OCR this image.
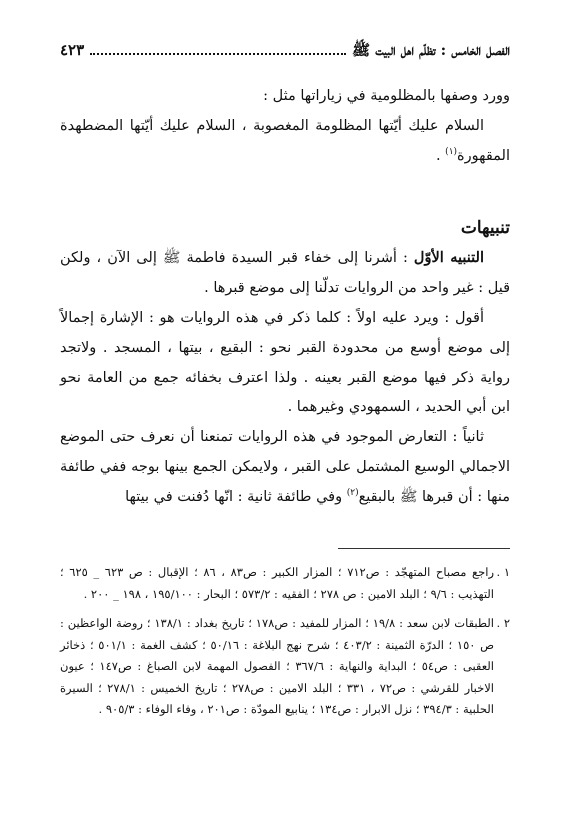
الفصل الخامس : تظلّم اهل البيت ﷺ
٤٢٣

وورد وصفها بالمظلومية في زياراتها مثل :

السلام عليك أيّتها المظلومة المغصوبة ، السلام عليك أيّتها المضطهدة المقهورة$^{(١)}$ .

تنبيهات

التنبيه الأوّل : أشرنا إلى خفاء قبر السيدة فاطمة ﷺ إلى الآن ، ولكن قيل : غير واحد من الروايات تدلّنا إلى موضع قبرها .

أقول : ويرد عليه اولاً : كلما ذكر في هذه الروايات هو : الإشارة إجمالاً إلى موضع أوسع من محدودة القبر نحو : البقيع ، بيتها ، المسجد . ولاتجد رواية ذكر فيها موضع القبر بعينه . ولذا اعترف بخفائه جمع من العامة نحو ابن أبي الحديد ، السمهودي وغيرهما .

ثانياً : التعارض الموجود في هذه الروايات تمنعنا أن نعرف حتى الموضع الاجمالي الوسيع المشتمل على القبر ، ولايمكن الجمع بينها بوجه ففي طائفة منها : أن قبرها ﷺ بالبقيع$^{(٢)}$ وفي طائفة ثانية : انّها دُفنت في بيتها

١ .
راجع مصباح المتهجّد : ص٧١٢ ؛ المزار الكبير : ص٨٣ ، ٨٦ ؛ الإقبال : ص ٦٢٣ _ ٦٢٥ ؛ التهذيب : ٩/٦ ؛ البلد الامين : ص ٢٧٨ ؛ الفقيه : ٥٧٣/٢ ؛ البحار : ١٩٥/١٠٠ ، ١٩٨ _ ٢٠٠ .
٢ .
الطبقات لابن سعد : ١٩/٨ ؛ المزار للمفيد : ص١٧٨ ؛ تاريخ بغداد : ١٣٨/١ ؛ روضة الواعظين : ص ١٥٠ ؛ الدرّة الثمينة : ٤٠٣/٢ ؛ شرح نهج البلاغة : ٥٠/١٦ ؛ كشف الغمة : ٥٠١/١ ؛ ذخائر العقبى : ص٥٤ ؛ البداية والنهاية : ٣٦٧/٦ ؛ الفصول المهمة لابن الصباغ : ص١٤٧ ؛ عيون الاخبار للقرشي : ص٧٢ ، ٣٣١ ؛ البلد الامين : ص٢٧٨ ؛ تاريخ الخميس : ٢٧٨/١ ؛ السيرة الحلبية : ٣٩٤/٣ ؛ نزل الابرار : ص١٣٤ ؛ ينابيع المودّة : ص٢٠١ ، وفاء الوفاء : ٩٠٥/٣ .
